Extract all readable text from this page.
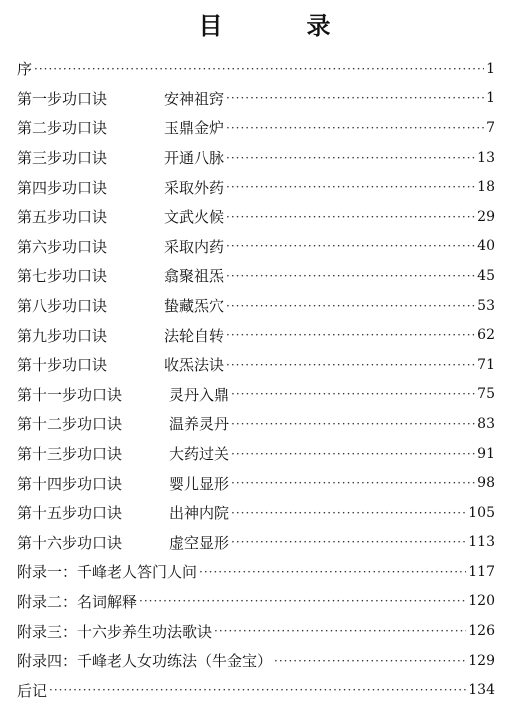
目　录
序 ·····	1
第一步功口诀	安神祖窍 ·····	1
第二步功口诀	玉鼎金炉 ·····	7
第三步功口诀	开通八脉 ·····	13
第四步功口诀	采取外药 ·····	18
第五步功口诀	文武火候 ·····	29
第六步功口诀	采取内药 ·····	40
第七步功口诀	翕聚祖炁 ·····	45
第八步功口诀	蛰藏炁穴 ·····	53
第九步功口诀	法轮自转 ·····	62
第十步功口诀	收炁法诀 ·····	71
第十一步功口诀	灵丹入鼎 ·····	75
第十二步功口诀	温养灵丹 ·····	83
第十三步功口诀	大药过关 ·····	91
第十四步功口诀	婴儿显形 ·····	98
第十五步功口诀	出神内院 ·····	105
第十六步功口诀	虚空显形 ·····	113
附录一： 千峰老人答门人问 ·····	117
附录二： 名词解释 ·····	120
附录三： 十六步养生功法歌诀 ·····	126
附录四： 千峰老人女功练法（牛金宝） ·····	129
后记 ·····	134
